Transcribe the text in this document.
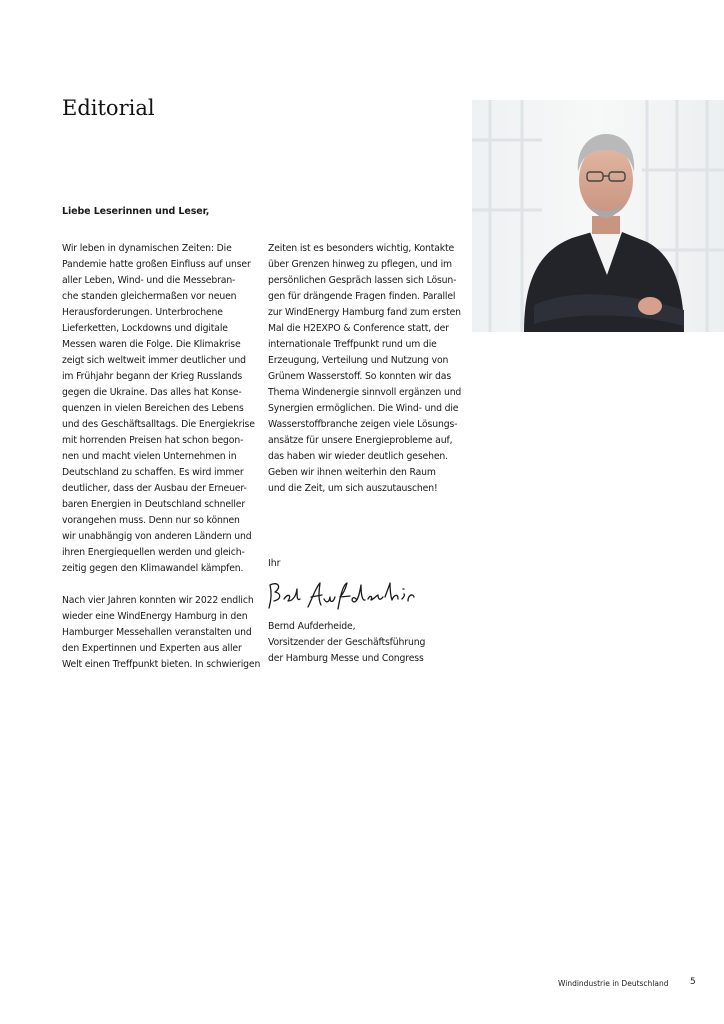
Editorial
Liebe Leserinnen und Leser,
Wir leben in dynamischen Zeiten: Die
Pandemie hatte großen Einfluss auf unser
aller Leben, Wind- und die Messebran-
che standen gleichermaßen vor neuen
Herausforderungen. Unterbrochene
Lieferketten, Lockdowns und digitale
Messen waren die Folge. Die Klimakrise
zeigt sich weltweit immer deutlicher und
im Frühjahr begann der Krieg Russlands
gegen die Ukraine. Das alles hat Konse-
quenzen in vielen Bereichen des Lebens
und des Geschäftsalltags. Die Energiekrise
mit horrenden Preisen hat schon begon-
nen und macht vielen Unternehmen in
Deutschland zu schaffen. Es wird immer
deutlicher, dass der Ausbau der Erneuer-
baren Energien in Deutschland schneller
vorangehen muss. Denn nur so können
wir unabhängig von anderen Ländern und
ihren Energiequellen werden und gleich-
zeitig gegen den Klimawandel kämpfen.
Nach vier Jahren konnten wir 2022 endlich
wieder eine WindEnergy Hamburg in den
Hamburger Messehallen veranstalten und
den Expertinnen und Experten aus aller
Welt einen Treffpunkt bieten. In schwierigen
Zeiten ist es besonders wichtig, Kontakte
über Grenzen hinweg zu pflegen, und im
persönlichen Gespräch lassen sich Lösun-
gen für drängende Fragen finden. Parallel
zur WindEnergy Hamburg fand zum ersten
Mal die H2EXPO & Conference statt, der
internationale Treffpunkt rund um die
Erzeugung, Verteilung und Nutzung von
Grünem Wasserstoff. So konnten wir das
Thema Windenergie sinnvoll ergänzen und
Synergien ermöglichen. Die Wind- und die
Wasserstoffbranche zeigen viele Lösungs-
ansätze für unsere Energieprobleme auf,
das haben wir wieder deutlich gesehen.
Geben wir ihnen weiterhin den Raum
und die Zeit, um sich auszutauschen!
Ihr
Bernd Aufderheide,
Vorsitzender der Geschäftsführung
der Hamburg Messe und Congress
Windindustrie in Deutschland 5
